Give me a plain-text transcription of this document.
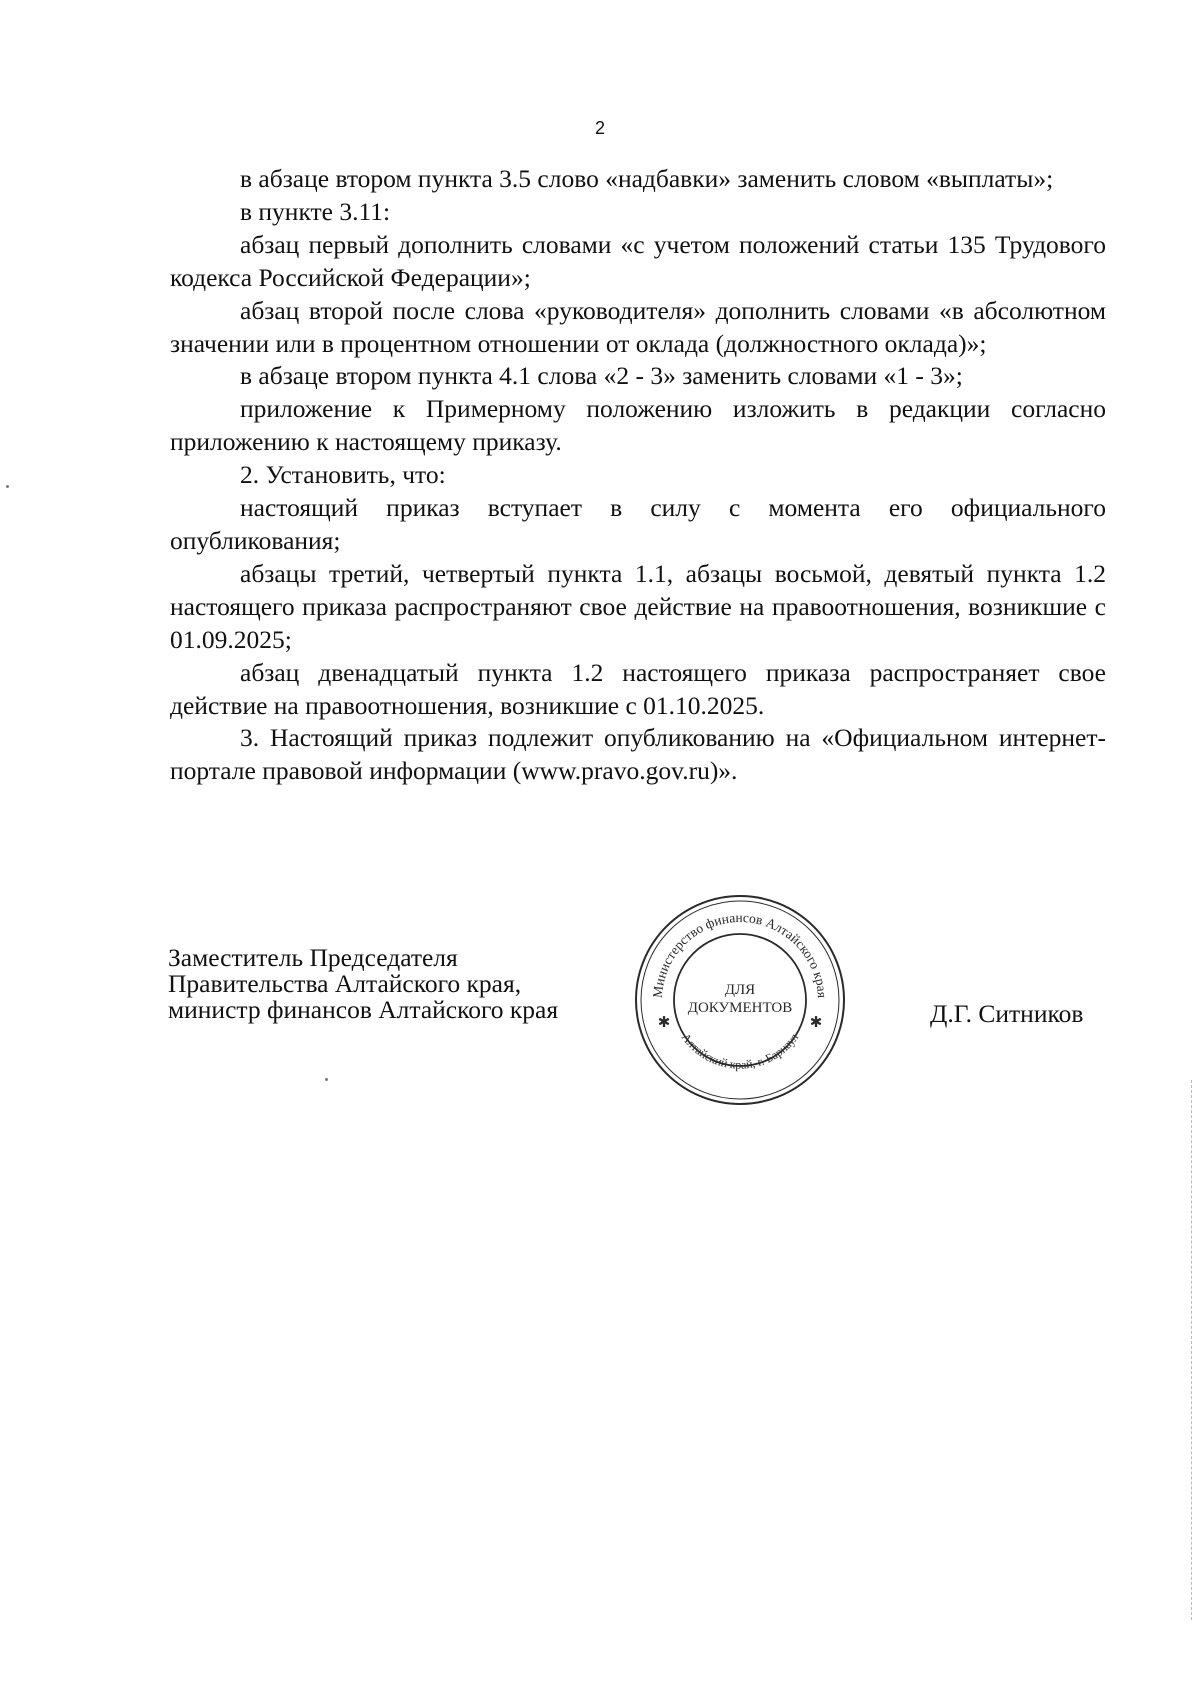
2

в абзаце втором пункта 3.5 слово «надбавки» заменить словом «выплаты»;

в пункте 3.11:

абзац первый дополнить словами «с учетом положений статьи 135 Трудового кодекса Российской Федерации»;

абзац второй после слова «руководителя» дополнить словами «в абсолютном значении или в процентном отношении от оклада (должностного оклада)»;

в абзаце втором пункта 4.1 слова «2 - 3» заменить словами «1 - 3»;

приложение к Примерному положению изложить в редакции согласно приложению к настоящему приказу.

2. Установить, что:

настоящий приказ вступает в силу с момента его официального опубликования;

абзацы третий, четвертый пункта 1.1, абзацы восьмой, девятый пункта 1.2 настоящего приказа распространяют свое действие на правоотношения, возникшие с 01.09.2025;

абзац двенадцатый пункта 1.2 настоящего приказа распространяет свое действие на правоотношения, возникшие с 01.10.2025.

3. Настоящий приказ подлежит опубликованию на «Официальном интернет-портале правовой информации (www.pravo.gov.ru)».

Заместитель Председателя
Правительства Алтайского края,
министр финансов Алтайского края
Министерство финансов Алтайского края
Алтайский край, г. Барнаул
✱	✱
ДЛЯ
ДОКУМЕНТОВ	Д.Г. Ситников
